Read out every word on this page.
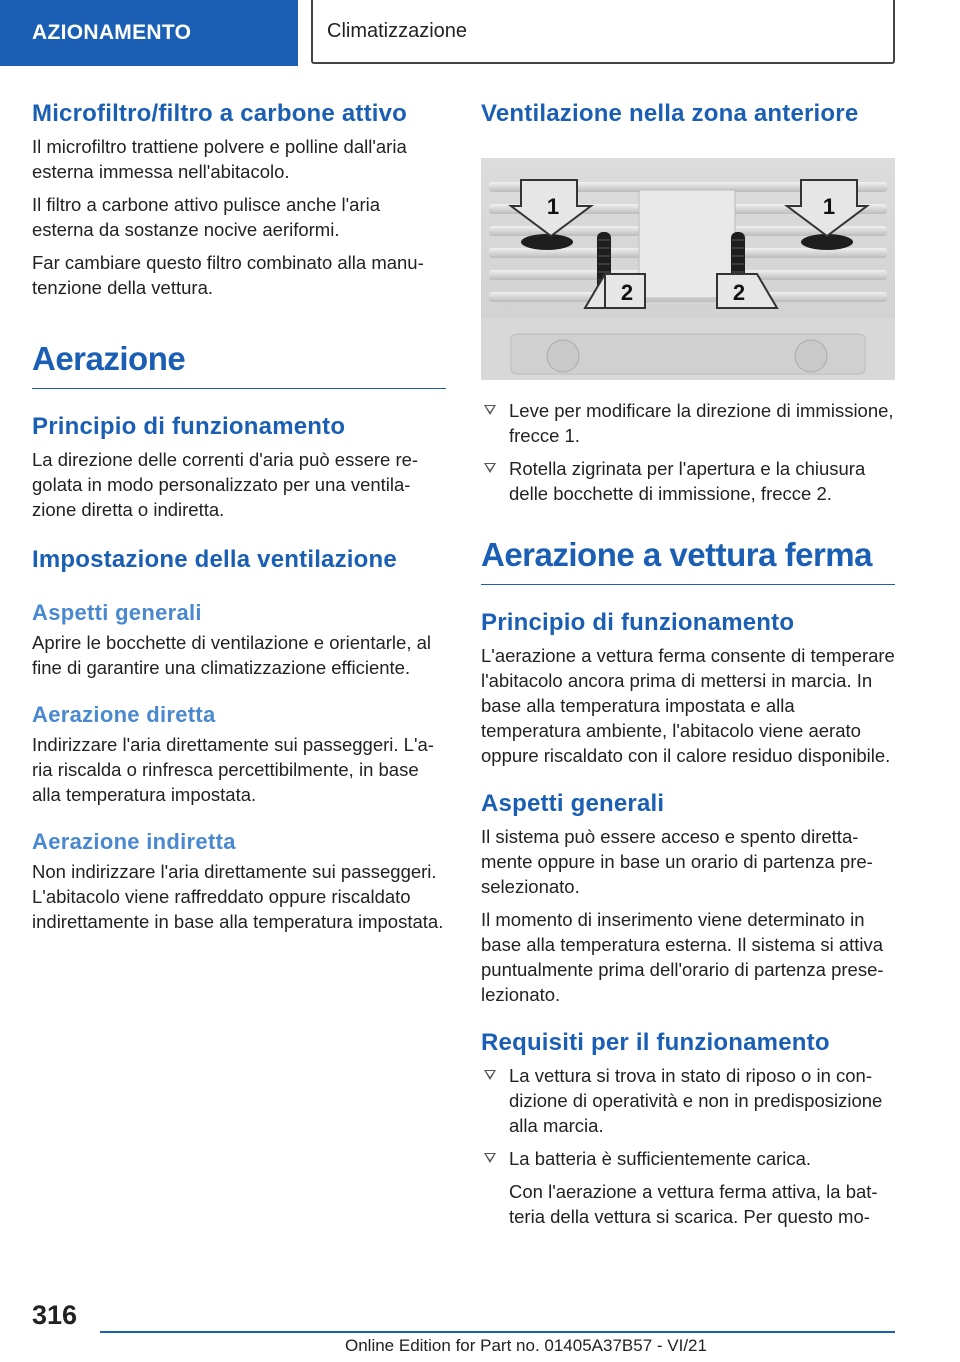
AZIONAMENTO	Climatizzazione
Microfiltro/filtro a carbone attivo

Il microfiltro trattiene polvere e polline dall'aria esterna immessa nell'abitacolo.

Il filtro a carbone attivo pulisce anche l'aria esterna da sostanze nocive aeriformi.

Far cambiare questo filtro combinato alla manutenzione della vettura.

Aerazione
Principio di funzionamento

La direzione delle correnti d'aria può essere regolata in modo personalizzato per una ventilazione diretta o indiretta.

Impostazione della ventilazione
Aspetti generali

Aprire le bocchette di ventilazione e orientarle, al fine di garantire una climatizzazione efficiente.

Aerazione diretta

Indirizzare l'aria direttamente sui passeggeri. L'aria riscalda o rinfresca percettibilmente, in base alla temperatura impostata.

Aerazione indiretta

Non indirizzare l'aria direttamente sui passeggeri. L'abitacolo viene raffreddato oppure riscaldato indirettamente in base alla temperatura impostata.

Ventilazione nella zona anteriore
1	1
2	2
Leve per modificare la direzione di immissione, frecce 1.
Rotella zigrinata per l'apertura e la chiusura delle bocchette di immissione, frecce 2.
Aerazione a vettura ferma
Principio di funzionamento

L'aerazione a vettura ferma consente di temperare l'abitacolo ancora prima di mettersi in marcia. In base alla temperatura impostata e alla temperatura ambiente, l'abitacolo viene aerato oppure riscaldato con il calore residuo disponibile.

Aspetti generali

Il sistema può essere acceso e spento direttamente oppure in base un orario di partenza preselezionato.

Il momento di inserimento viene determinato in base alla temperatura esterna. Il sistema si attiva puntualmente prima dell'orario di partenza preselezionato.

Requisiti per il funzionamento
La vettura si trova in stato di riposo o in condizione di operatività e non in predisposizione alla marcia.
La batteria è sufficientemente carica.

Con l'aerazione a vettura ferma attiva, la batteria della vettura si scarica. Per questo mo-

316
Online Edition for Part no. 01405A37B57 - VI/21
